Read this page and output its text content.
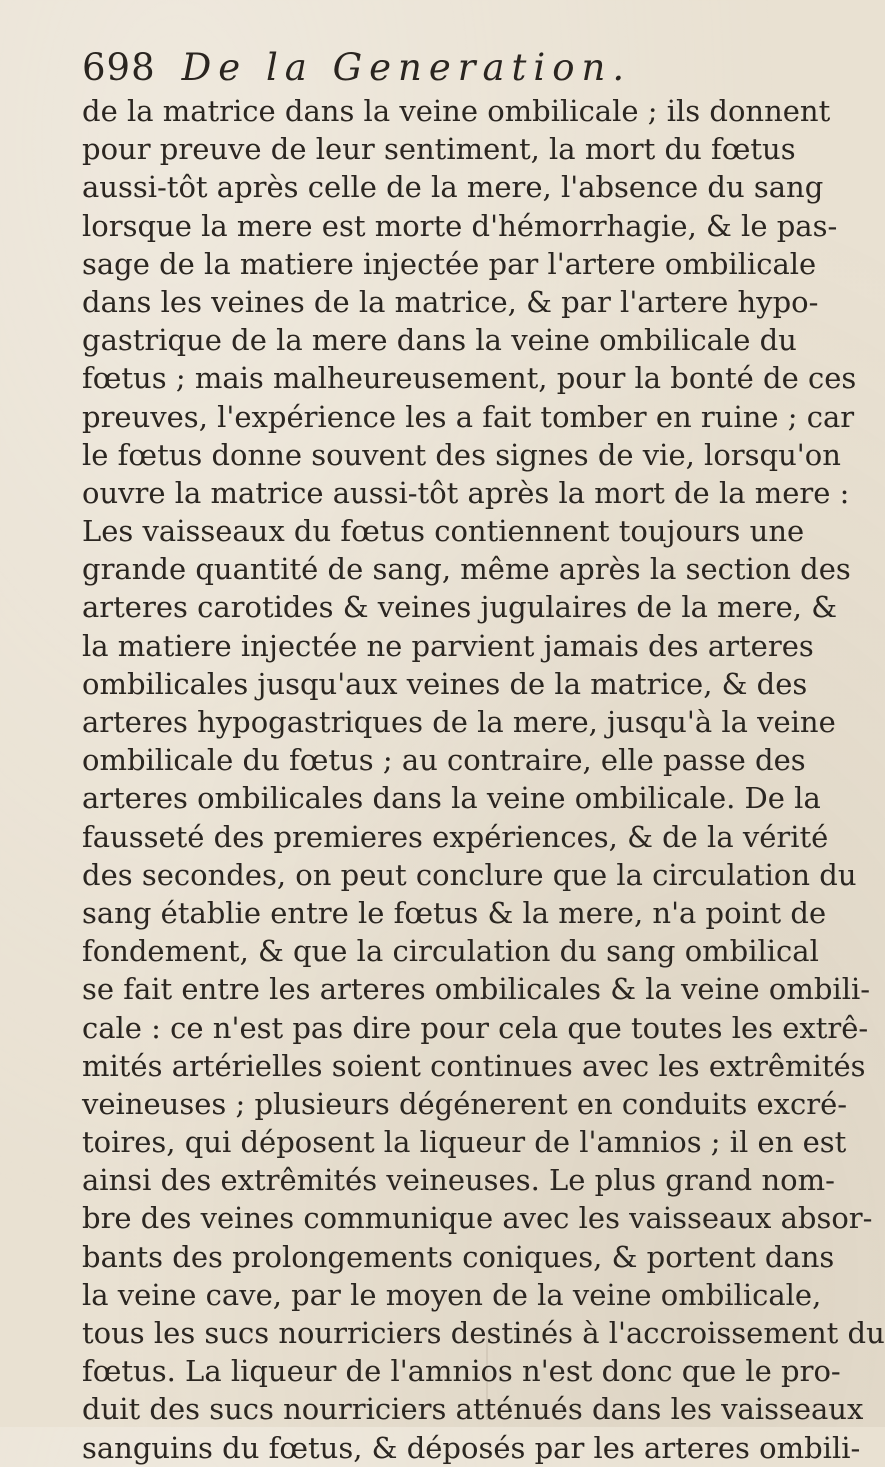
698 De la Generation.
de la matrice dans la veine ombilicale ; ils donnent
pour preuve de leur sentiment, la mort du fœtus
aussi-tôt après celle de la mere, l'absence du sang
lorsque la mere est morte d'hémorrhagie, & le pas-
sage de la matiere injectée par l'artere ombilicale
dans les veines de la matrice, & par l'artere hypo-
gastrique de la mere dans la veine ombilicale du
fœtus ; mais malheureusement, pour la bonté de ces
preuves, l'expérience les a fait tomber en ruine ; car
le fœtus donne souvent des signes de vie, lorsqu'on
ouvre la matrice aussi-tôt après la mort de la mere :
Les vaisseaux du fœtus contiennent toujours une
grande quantité de sang, même après la section des
arteres carotides & veines jugulaires de la mere, &
la matiere injectée ne parvient jamais des arteres
ombilicales jusqu'aux veines de la matrice, & des
arteres hypogastriques de la mere, jusqu'à la veine
ombilicale du fœtus ; au contraire, elle passe des
arteres ombilicales dans la veine ombilicale. De la
fausseté des premieres expériences, & de la vérité
des secondes, on peut conclure que la circulation du
sang établie entre le fœtus & la mere, n'a point de
fondement, & que la circulation du sang ombilical
se fait entre les arteres ombilicales & la veine ombili-
cale : ce n'est pas dire pour cela que toutes les extrê-
mités artérielles soient continues avec les extrêmités
veineuses ; plusieurs dégénerent en conduits excré-
toires, qui déposent la liqueur de l'amnios ; il en est
ainsi des extrêmités veineuses. Le plus grand nom-
bre des veines communique avec les vaisseaux absor-
bants des prolongements coniques, & portent dans
la veine cave, par le moyen de la veine ombilicale,
tous les sucs nourriciers destinés à l'accroissement du
fœtus. La liqueur de l'amnios n'est donc que le pro-
duit des sucs nourriciers atténués dans les vaisseaux
sanguins du fœtus, & déposés par les arteres ombili-
